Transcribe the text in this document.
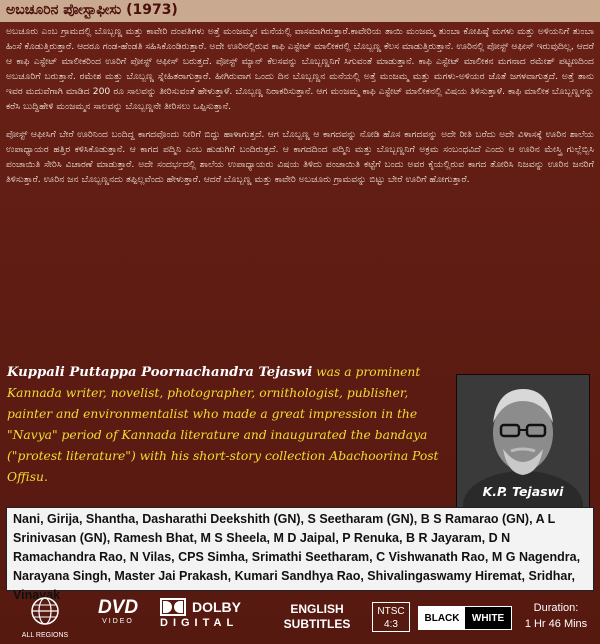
ಅಬಚೂರಿನ ಪೋಸ್ಟಾಫೀಸು (1973)

ಅಬಚೂರು ಎಂಬ ಗ್ರಾಮದಲ್ಲಿ ಬೊಬ್ಬಣ್ಣ ಮತ್ತು ಕಾವೇರಿ ದಂಪತಿಗಳು ಅತ್ತೆ ಮಂಜಮ್ಮನ ಮನೆಯಲ್ಲಿ ವಾಸಮಾಗಿರುತ್ತಾರೆ.ಕಾವೇರಿಯ ತಾಯಿ ಮಂಜಮ್ಮ ತುಂಬಾ ಕೋಪಿಷ್ಠೆ ಮಗಳು ಮತ್ತು ಅಳಿಯನಿಗೆ ತುಂಬಾ ಹಿಂಸೆ ಕೊಡುತ್ತಿರುತ್ತಾರೆ. ಆದರೂ ಗಂಡ-ಹೆಂಡತಿ ಸಹಿಸಿಕೊಂಡಿರುತ್ತಾರೆ. ಅದೇ ಊರಿನಲ್ಲಿರುವ ಕಾಫಿ ಎಸ್ಟೇಟ್ ಮಾಲೀಕರಲ್ಲಿ ಬೊಬ್ಬಣ್ಣ ಕೆಲಸ ಮಾಡುತ್ತಿರುತ್ತಾನೆ. ಊರಿನಲ್ಲಿ ಪೋಸ್ಟ್ ಆಫೀಸ್ ಇರುವುದಿಲ್ಲ, ಆದರೆ ಆ ಕಾಫಿ ಎಸ್ಟೇಟ್ ಮಾಲೀಕರಿಂದ ಊರಿಗೆ ಪೋಸ್ಟ್ ಆಫೀಸ್ ಬರುತ್ತದೆ. ಪೋಸ್ಟ್ ಮ್ಯಾನ್ ಕೆಲಸವನ್ನು ಬೊಬ್ಬಣ್ಣನಿಗೆ ಸಿಗುವಂತೆ ಮಾಡುತ್ತಾನೆ. ಕಾಫಿ ಎಸ್ಟೇಟ್ ಮಾಲೀಕನ ಮಗನಾದ ರಮೇಶ್ ಪಟ್ಟಣದಿಂದ ಅಬಚೂರಿಗೆ ಬರುತ್ತಾನೆ. ರಮೇಶ ಮತ್ತು ಬೊಬ್ಬಣ್ಣ ಸ್ನೇಹಿತರಾಗುತ್ತಾರೆ. ಹೀಗಿರುವಾಗ ಒಂದು ದಿನ ಬೊಬ್ಬಣ್ಣನ ಮನೆಯಲ್ಲಿ ಅತ್ತೆ ಮಂಜಮ್ಮ ಮತ್ತು ಮಗಳು-ಅಳಿಯರ ಜೊತೆ ಜಗಳವಾಗುತ್ತದೆ. ಅತ್ತೆ ತಾನು ಇವರ ಮದುವೆಗಾಗಿ ಮಾಡಿದ 200 ರೂ ಸಾಲವನ್ನು ತೀರಿಸುವಂತೆ ಹೇಳುತ್ತಾಳೆ. ಬೊಬ್ಬಣ್ಣ ನಿರಾಕರಿಸುತ್ತಾನೆ. ಆಗ ಮಂಜಮ್ಮ ಕಾಫಿ ಎಸ್ಟೇಟ್ ಮಾಲೀಕನಲ್ಲಿ ವಿಷಯ ತಿಳಿಸುತ್ತಾಳೆ. ಕಾಫಿ ಮಾಲೀಕ ಬೊಬ್ಬಣ್ಣನನ್ನು ಕರೆಸಿ ಬುದ್ದಿಹೇಳಿ ಮಂಜಮ್ಮನ ಸಾಲವನ್ನು ಬೊಬ್ಬಣ್ಣನೇ ತೀರಿಸಲು ಒಪ್ಪಿಸುತ್ತಾನೆ.

ಪೋಸ್ಟ್ ಆಫೀಸಿಗೆ ಬೇರೆ ಊರಿನಿಂದ ಬಂದಿದ್ದ ಕಾಗದವೊಂದು ನೀರಿಗೆ ಬಿದ್ದು ಹಾಳಾಗುತ್ತದೆ. ಆಗ ಬೊಬ್ಬಣ್ಣ ಆ ಕಾಗದವನ್ನು ನೋಡಿ ಹೊಸ ಕಾಗದವನ್ನು ಅದೇ ರೀತಿ ಬರೆದು ಅದೇ ವಿಳಾಸಕ್ಕೆ ಊರಿನ ಶಾಲೆಯ ಉಪಾಧ್ಯಾಯರ ಹತ್ತಿರ ಕಳಿಸಿಕೊಡುತ್ತಾನೆ. ಆ ಕಾಗದ ಪದ್ಮಿನಿ ಎಂಬ ಹುಡುಗಿಗೆ ಬಂದಿರುತ್ತದೆ. ಆ ಕಾಗದದಿಂದ ಪದ್ಮಿನಿ ಮತ್ತು ಬೊಬ್ಬಣ್ಣನಿಗೆ ಅಕ್ರಮ ಸಂಬಂಧವಿದೆ ಎಂದು ಆ ಊರಿನ ಮೇಸ್ತ್ರಿ ಗುಲ್ಲೆಬ್ಬಿಸಿ ಪಂಚಾಯಿತಿ ಸೇರಿಸಿ ವಿಚಾರಣೆ ಮಾಡುತ್ತಾರೆ. ಅದೇ ಸಂದರ್ಭದಲ್ಲಿ ಶಾಲೆಯ ಉಪಾಧ್ಯಾಯರು ವಿಷಯ ತಿಳಿದು ಪಂಚಾಯಿತಿ ಕಟ್ಟೆಗೆ ಬಂದು ಅವರ ಕೈಯಲ್ಲಿರುವ ಕಾಗದ ತೋರಿಸಿ ನಿಜವನ್ನು ಊರಿನ ಜನರಿಗೆ ತಿಳಿಸುತ್ತಾರೆ. ಊರಿನ ಜನ ಬೊಬ್ಬಣ್ಣನದು ತಪ್ಪಿಲ್ಲವೆಂದು ಹೇಳುತ್ತಾರೆ. ಆದರೆ ಬೊಬ್ಬಣ್ಣ ಮತ್ತು ಕಾವೇರಿ ಅಬಚೂರು ಗ್ರಾಮವನ್ನು ಬಿಟ್ಟು ಬೇರೆ ಊರಿಗೆ ಹೋಗುತ್ತಾರೆ.

Kuppali Puttappa Poornachandra Tejaswi was a prominent Kannada writer, novelist, photographer, ornithologist, publisher, painter and environmentalist who made a great impression in the "Navya" period of Kannada literature and inaugurated the bandaya ("protest literature") with his short-story collection Abachoorina Post Offisu.
K.P. Tejaswi
Nani, Girija, Shantha, Dasharathi Deekshith (GN), S Seetharam (GN), B S Ramarao (GN), A L Srinivasan (GN), Ramesh Bhat, M S Sheela, M D Jaipal, P Renuka, B R Jayaram, D N Ramachandra Rao, N Vilas, CPS Simha, Srimathi Seetharam, C Vishwanath Rao, M G Nagendra, Narayana Singh, Master Jai Prakash, Kumari Sandhya Rao, Shivalingaswamy Hiremat, Sridhar, Vinayak
ALL REGIONS
DVD
VIDEO
DOLBY
DIGITAL
ENGLISH
SUBTITLES
NTSC
4:3
BLACK	WHITE
Duration:
1 Hr 46 Mins
